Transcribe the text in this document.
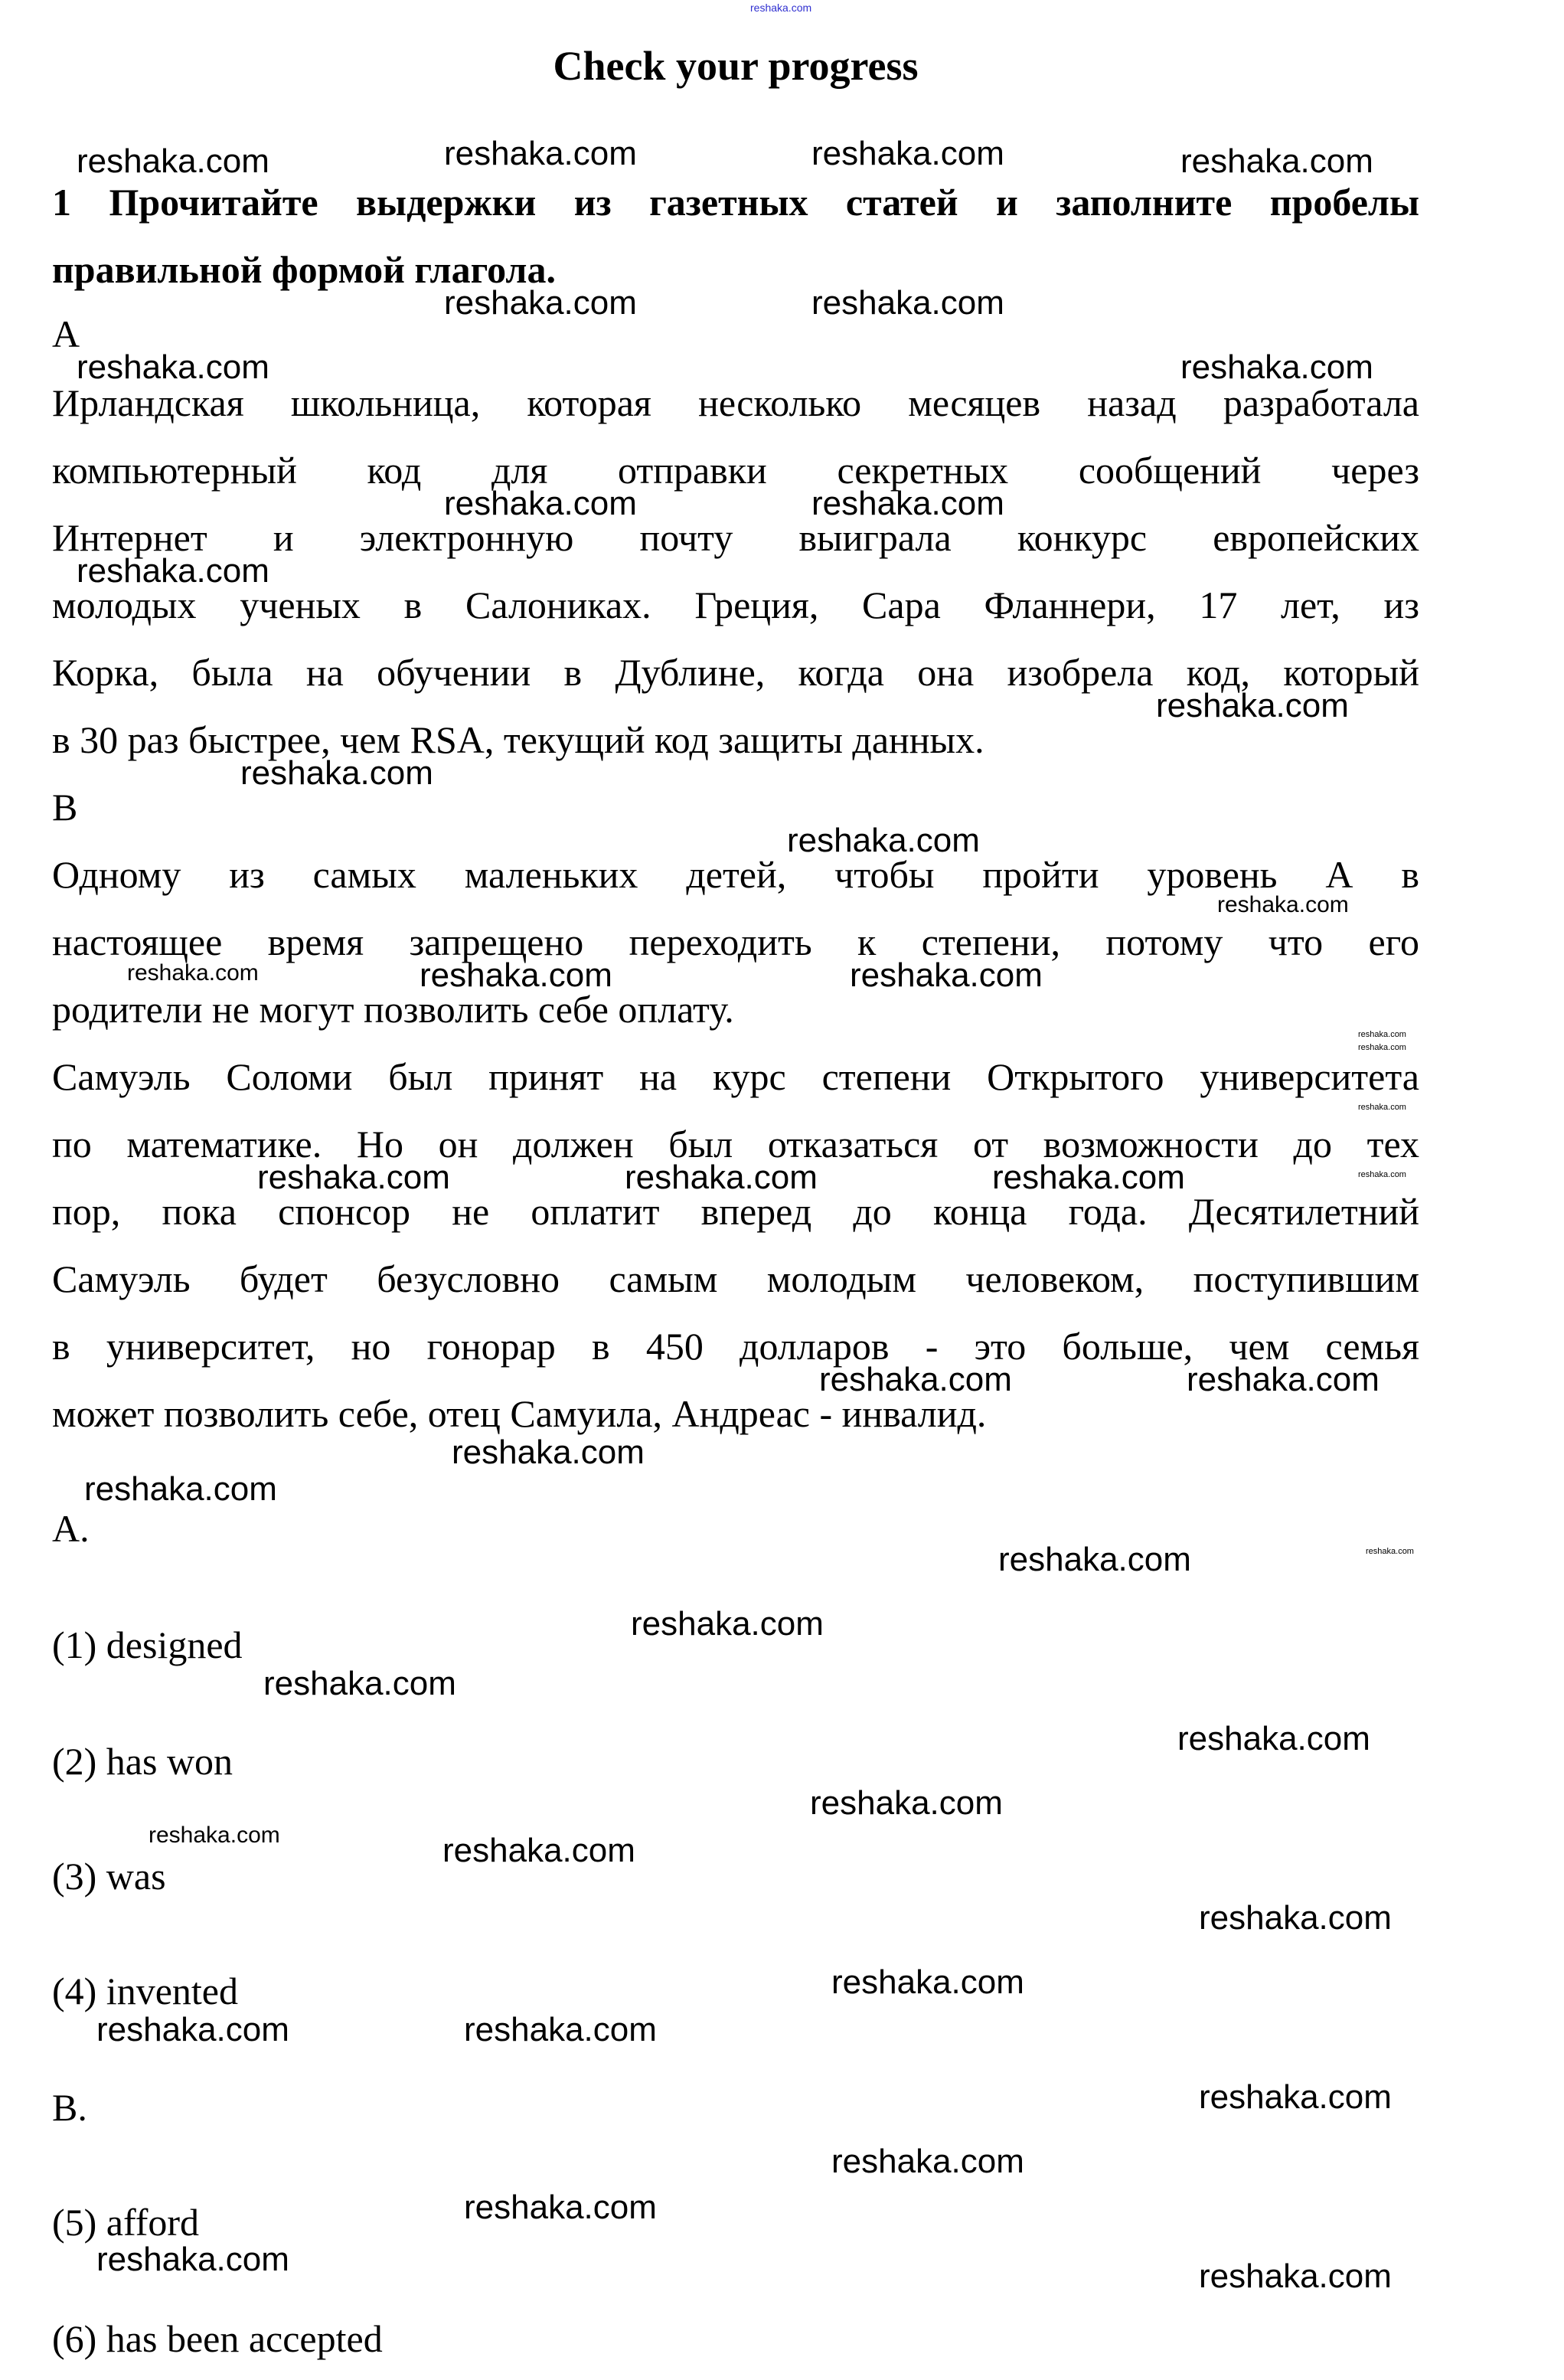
reshaka.com
Check your progress
1 Прочитайте выдержки из газетных статей и заполните пробелы
правильной формой глагола.
A
Ирландская школьница, которая несколько месяцев назад разработала
компьютерный код для отправки секретных сообщений через
Интернет и электронную почту выиграла конкурс европейских
молодых ученых в Салониках. Греция, Сара Фланнери, 17 лет, из
Корка, была на обучении в Дублине, когда она изобрела код, который
в 30 раз быстрее, чем RSA, текущий код защиты данных.
B
Одному из самых маленьких детей, чтобы пройти уровень А в
настоящее время запрещено переходить к степени, потому что его
родители не могут позволить себе оплату.
Самуэль Соломи был принят на курс степени Открытого университета
по математике. Но он должен был отказаться от возможности до тех
пор, пока спонсор не оплатит вперед до конца года. Десятилетний
Самуэль будет безусловно самым молодым человеком, поступившим
в университет, но гонорар в 450 долларов - это больше, чем семья
может позволить себе, отец Самуила, Андреас - инвалид.
A.
(1) designed
(2) has won
(3) was
(4) invented
B.
(5) afford
(6) has been accepted
reshaka.com	reshaka.com	reshaka.com	reshaka.com
reshaka.com	reshaka.com
reshaka.com	reshaka.com
reshaka.com	reshaka.com
reshaka.com
reshaka.com
reshaka.com
reshaka.com
reshaka.com
reshaka.com	reshaka.com	reshaka.com
reshaka.com
reshaka.com
reshaka.com
reshaka.com
reshaka.com	reshaka.com	reshaka.com
reshaka.com	reshaka.com
reshaka.com
reshaka.com
reshaka.com	reshaka.com
reshaka.com
reshaka.com
reshaka.com
reshaka.com
reshaka.com	reshaka.com
reshaka.com
reshaka.com
reshaka.com	reshaka.com
reshaka.com
reshaka.com
reshaka.com
reshaka.com	reshaka.com
